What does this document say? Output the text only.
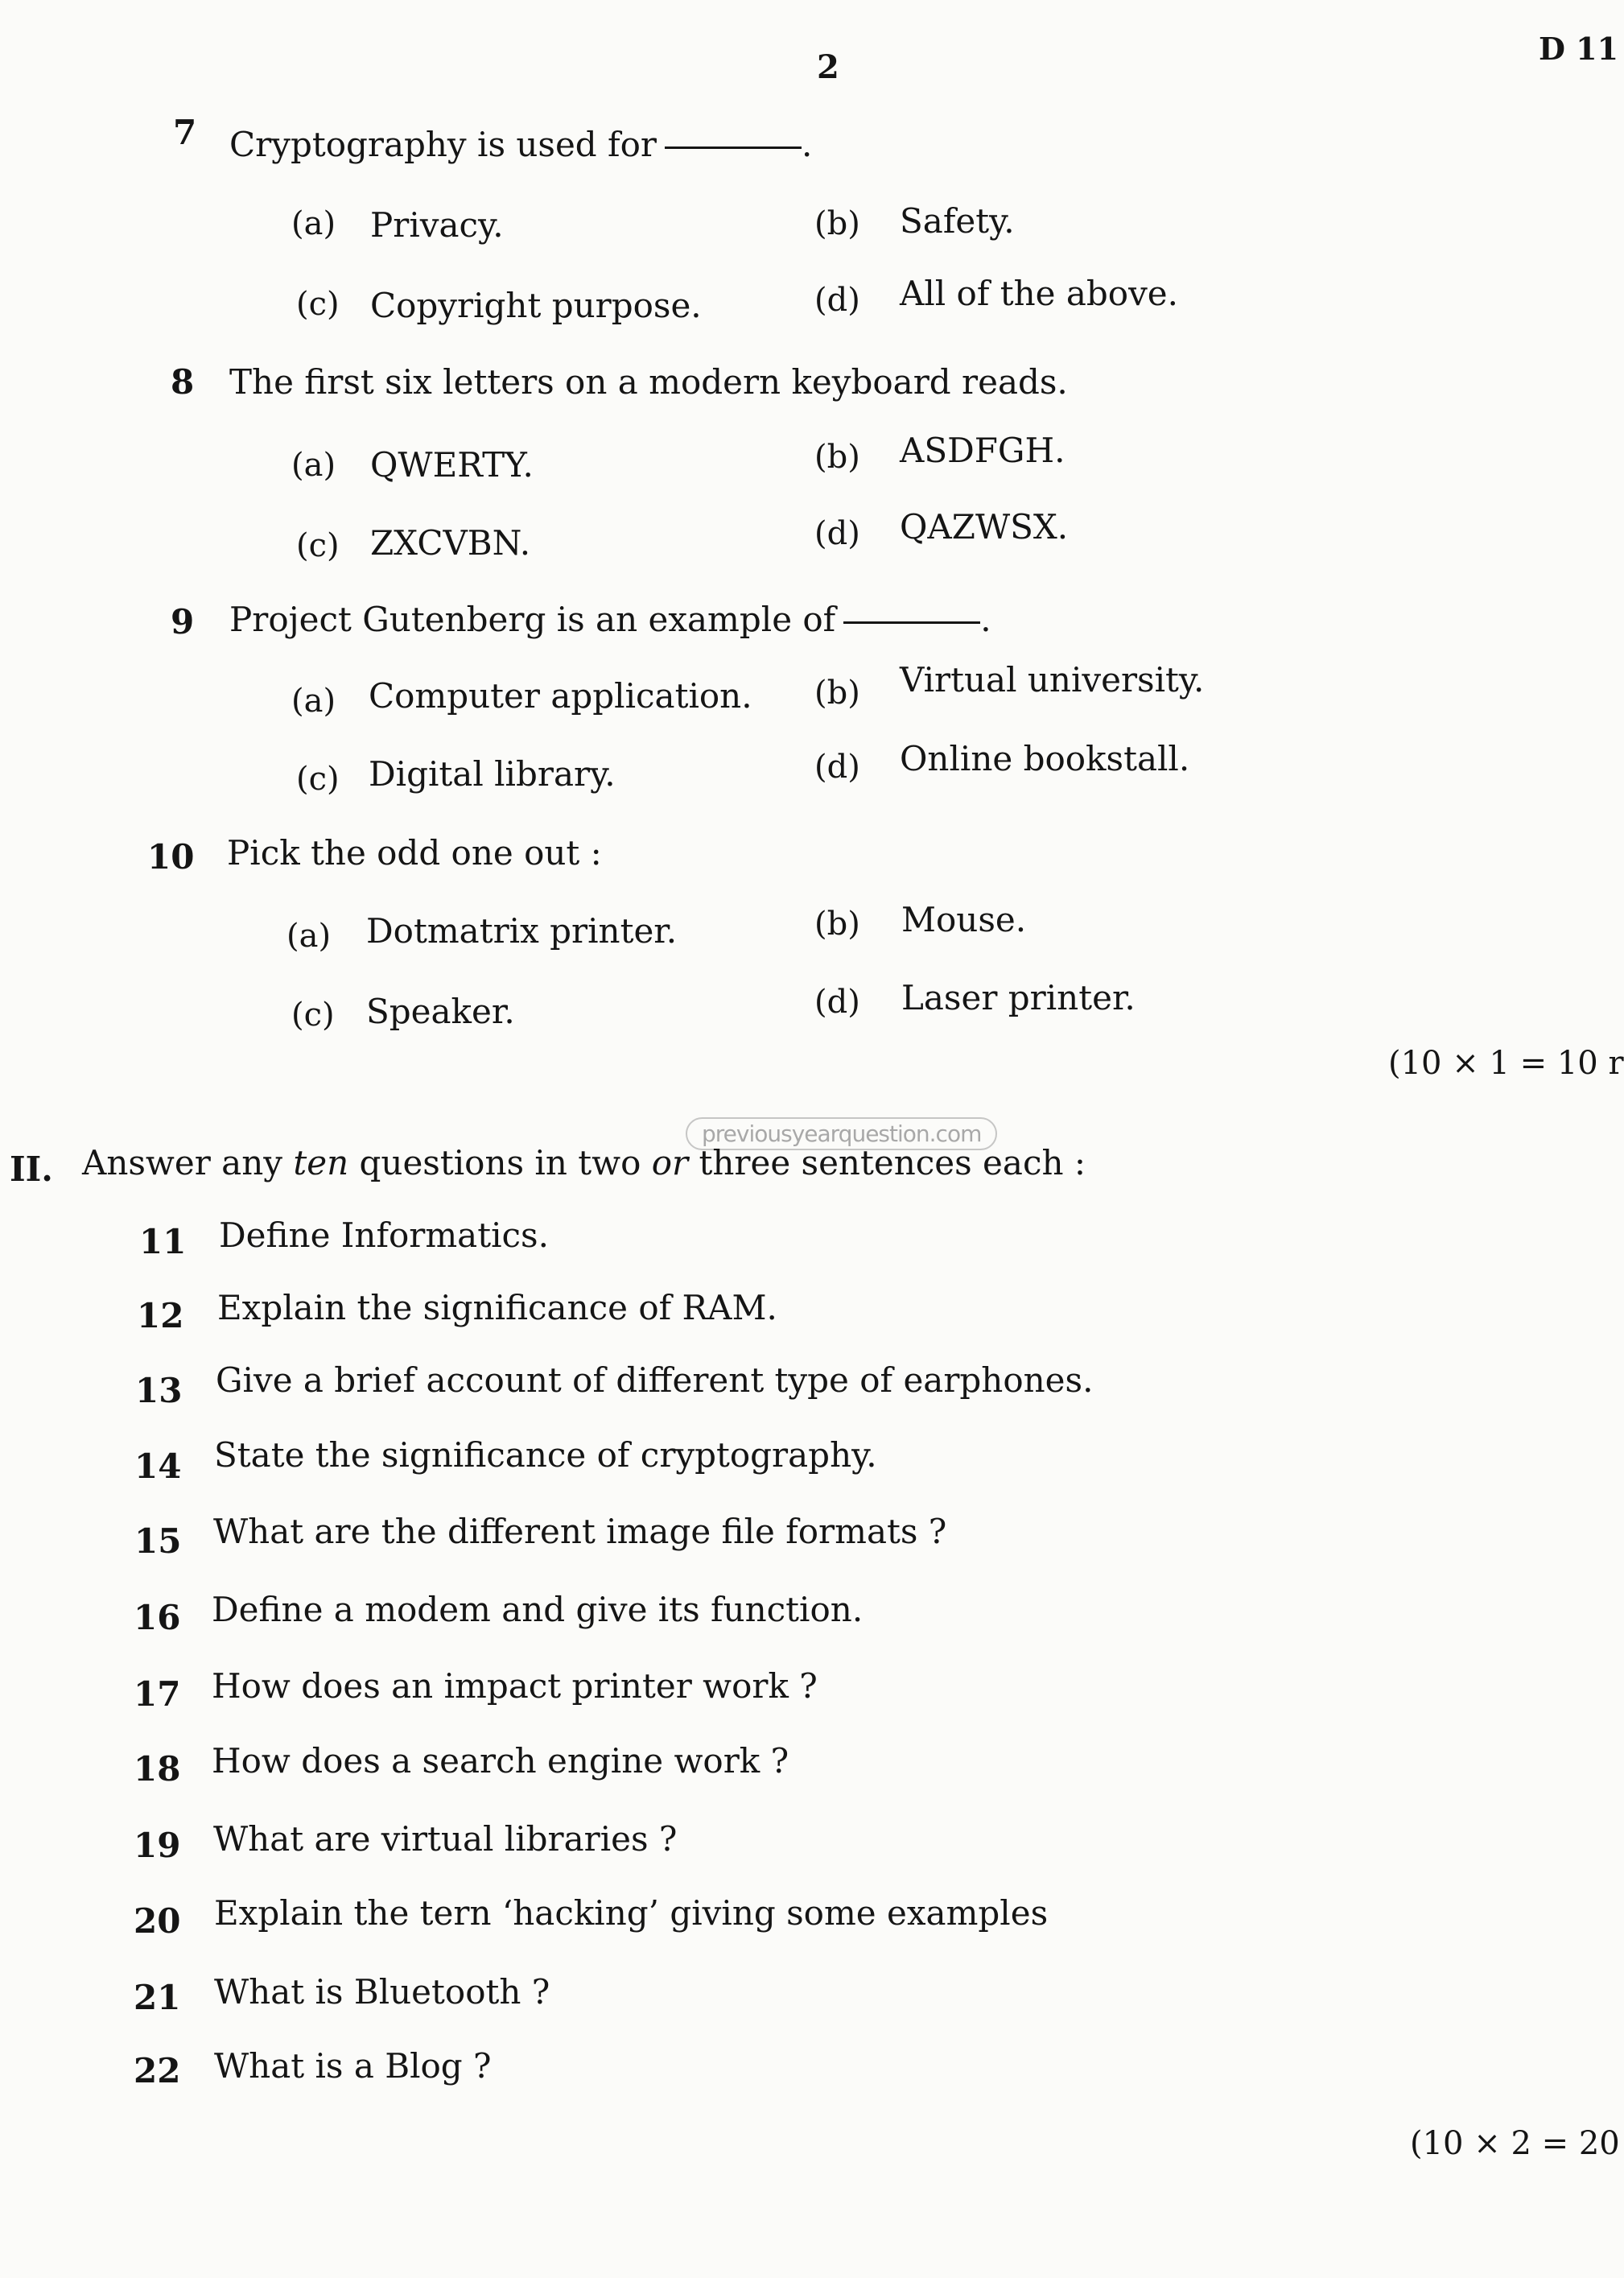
2	D 11
7 Cryptography is used for	.
(a) Privacy.	(b) Safety.
(c) Copyright purpose.	(d) All of the above.
8 The first six letters on a modern keyboard reads.
(a) QWERTY.	(b) ASDFGH.
(c) ZXCVBN.	(d) QAZWSX.
9 Project Gutenberg is an example of	.
(a) Computer application. (b) Virtual university.
(c) Digital library.	(d) Online bookstall.
10 Pick the odd one out :
(a) Dotmatrix printer.	(b) Mouse.
(c) Speaker.	(d) Laser printer.
(10 × 1 = 10 r
previousyearquestion.com
II. Answer any ten questions in two or three sentences each :
11 Define Informatics.
12 Explain the significance of RAM.
13 Give a brief account of different type of earphones.
14 State the significance of cryptography.
15 What are the different image file formats ?
16 Define a modem and give its function.
17 How does an impact printer work ?
18 How does a search engine work ?
19 What are virtual libraries ?
20 Explain the tern ‘hacking’ giving some examples
21 What is Bluetooth ?
22 What is a Blog ?
(10 × 2 = 20
